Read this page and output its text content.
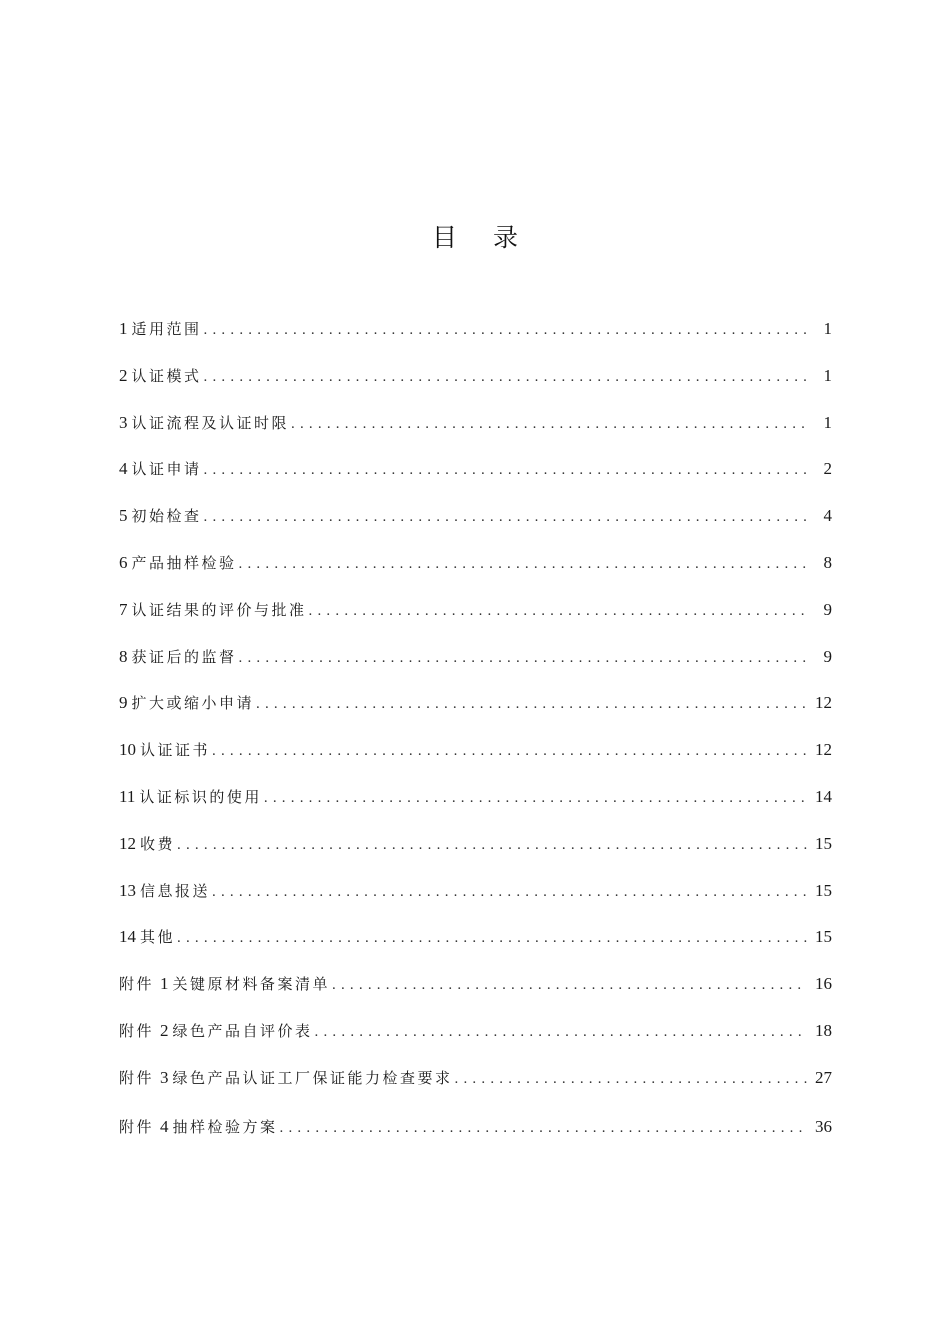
目 录
1 适用范围 .....	1
2 认证模式 .....	1
3 认证流程及认证时限 .....	1
4 认证申请 .....	2
5 初始检查 .....	4
6 产品抽样检验 .....	8
7 认证结果的评价与批准 .....	9
8 获证后的监督 .....	9
9 扩大或缩小申请 .....	12
10 认证证书 .....	12
11 认证标识的使用 .....	14
12 收费 .....	15
13 信息报送 .....	15
14 其他 .....	15
附件 1 关键原材料备案清单 .....	16
附件 2 绿色产品自评价表 .....	18
附件 3 绿色产品认证工厂保证能力检查要求 .....	27
附件 4 抽样检验方案 .....	36
